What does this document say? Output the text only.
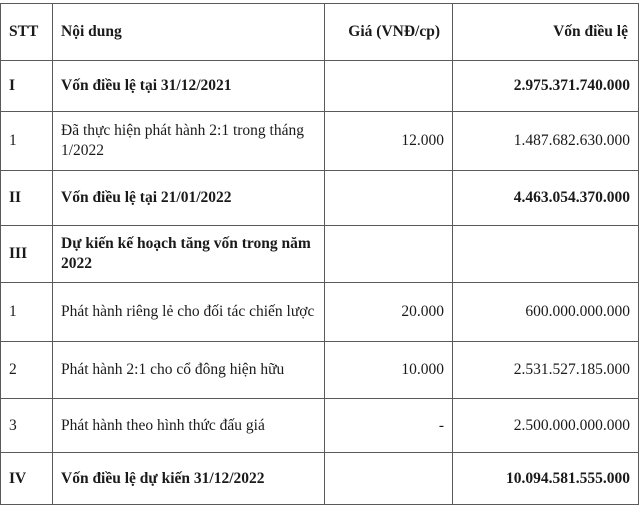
STT	Nội dung	Giá (VNĐ/cp)	Vốn điều lệ
I	Vốn điều lệ tại 31/12/2021		2.975.371.740.000
1	Đã thực hiện phát hành 2:1 trong tháng 1/2022	12.000	1.487.682.630.000
II	Vốn điều lệ tại 21/01/2022		4.463.054.370.000
III	Dự kiến kế hoạch tăng vốn trong năm 2022		
1	Phát hành riêng lẻ cho đối tác chiến lược	20.000	600.000.000.000
2	Phát hành 2:1 cho cổ đông hiện hữu	10.000	2.531.527.185.000
3	Phát hành theo hình thức đấu giá	-	2.500.000.000.000
IV	Vốn điều lệ dự kiến 31/12/2022		10.094.581.555.000
